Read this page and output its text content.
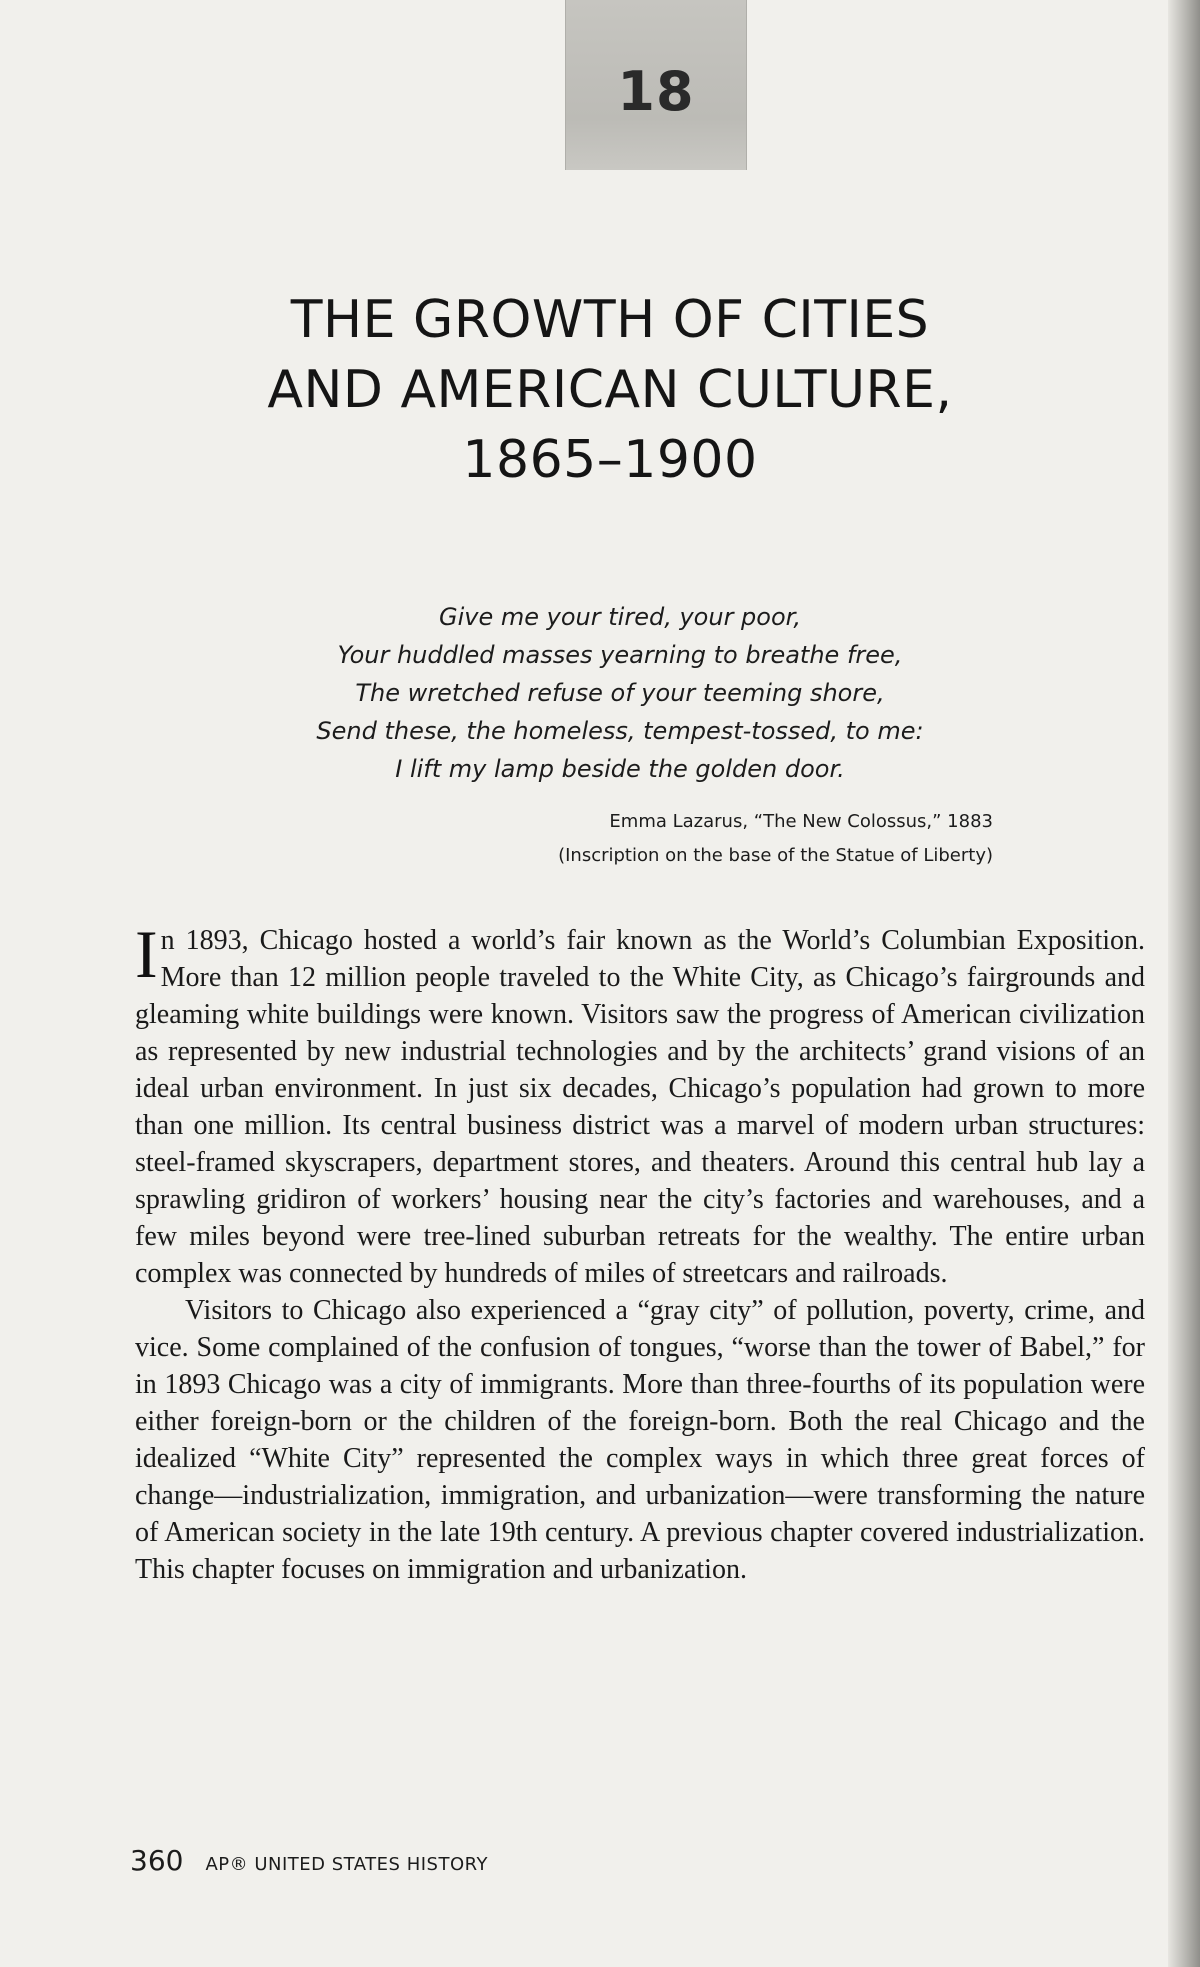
18
THE GROWTH OF CITIES
AND AMERICAN CULTURE,
1865–1900
Give me your tired, your poor,
Your huddled masses yearning to breathe free,
The wretched refuse of your teeming shore,
Send these, the homeless, tempest-tossed, to me:
I lift my lamp beside the golden door.
Emma Lazarus, “The New Colossus,” 1883
(Inscription on the base of the Statue of Liberty)

In 1893, Chicago hosted a world’s fair known as the World’s Columbian Exposition. More than 12 million people traveled to the White City, as Chicago’s fairgrounds and gleaming white buildings were known. Visitors saw the progress of American civilization as represented by new industrial technologies and by the architects’ grand visions of an ideal urban environment. In just six decades, Chicago’s population had grown to more than one million. Its central business district was a marvel of modern urban structures: steel-framed skyscrapers, department stores, and theaters. Around this central hub lay a sprawling gridiron of workers’ housing near the city’s factories and warehouses, and a few miles beyond were tree-lined suburban retreats for the wealthy. The entire urban complex was connected by hundreds of miles of streetcars and railroads.

Visitors to Chicago also experienced a “gray city” of pollution, poverty, crime, and vice. Some complained of the confusion of tongues, “worse than the tower of Babel,” for in 1893 Chicago was a city of immigrants. More than three-fourths of its population were either foreign-born or the children of the foreign-born. Both the real Chicago and the idealized “White City” represented the complex ways in which three great forces of change—industrialization, immigration, and urbanization—were transforming the nature of American society in the late 19th century. A previous chapter covered industrialization. This chapter focuses on immigration and urbanization.

360 AP® UNITED STATES HISTORY
